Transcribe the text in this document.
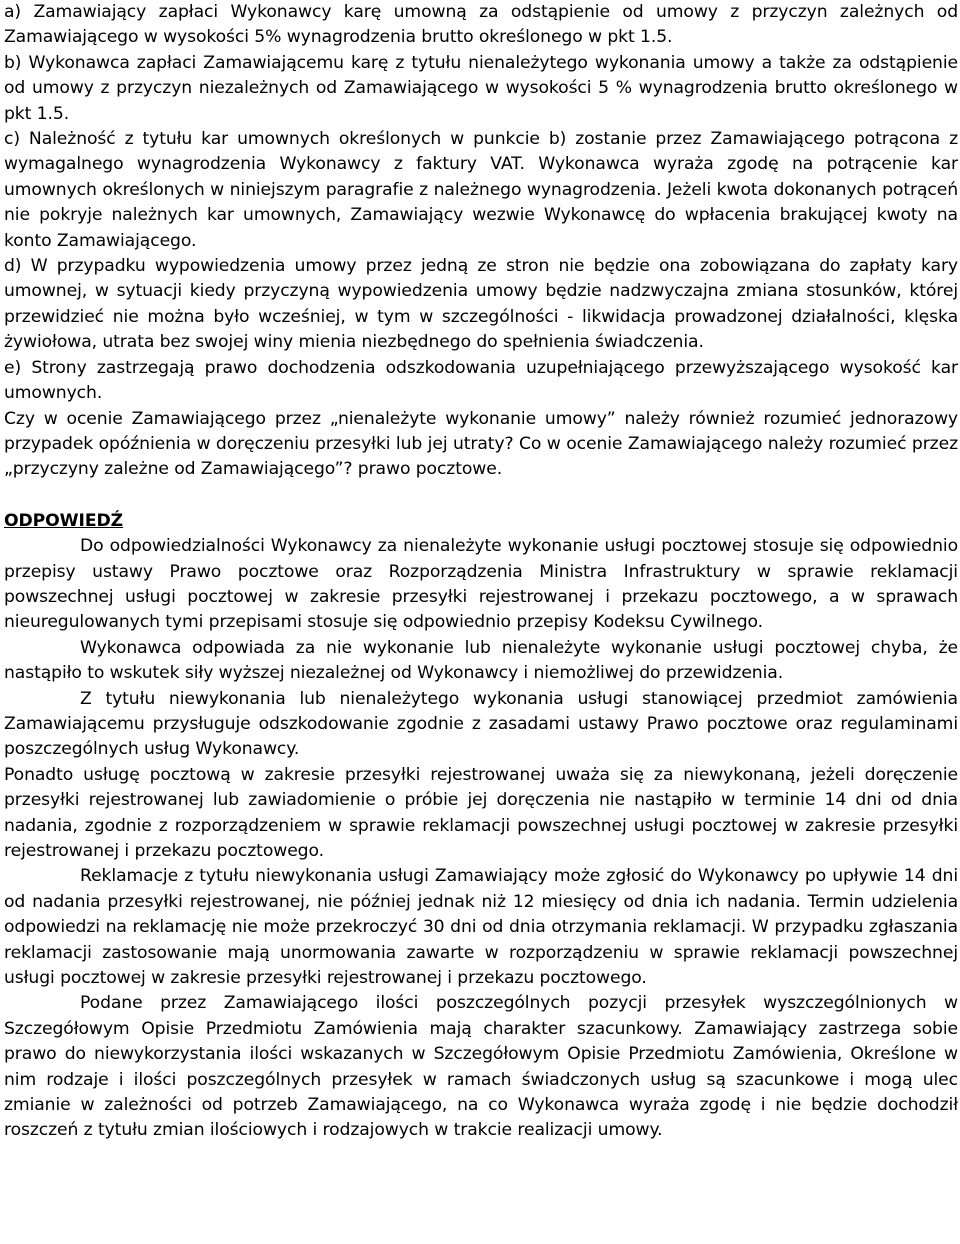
a) Zamawiający zapłaci Wykonawcy karę umowną za odstąpienie od umowy z przyczyn zależnych od Zamawiającego w wysokości 5% wynagrodzenia brutto określonego w pkt 1.5.

b) Wykonawca zapłaci Zamawiającemu karę z tytułu nienależytego wykonania umowy a także za odstąpienie od umowy z przyczyn niezależnych od Zamawiającego w wysokości 5 % wynagrodzenia brutto określonego w pkt 1.5.

c) Należność z tytułu kar umownych określonych w punkcie b) zostanie przez Zamawiającego potrącona z wymagalnego wynagrodzenia Wykonawcy z faktury VAT. Wykonawca wyraża zgodę na potrącenie kar umownych określonych w niniejszym paragrafie z należnego wynagrodzenia. Jeżeli kwota dokonanych potrąceń nie pokryje należnych kar umownych, Zamawiający wezwie Wykonawcę do wpłacenia brakującej kwoty na konto Zamawiającego.

d) W przypadku wypowiedzenia umowy przez jedną ze stron nie będzie ona zobowiązana do zapłaty kary umownej, w sytuacji kiedy przyczyną wypowiedzenia umowy będzie nadzwyczajna zmiana stosunków, której przewidzieć nie można było wcześniej, w tym w szczególności - likwidacja prowadzonej działalności, klęska żywiołowa, utrata bez swojej winy mienia niezbędnego do spełnienia świadczenia.

e) Strony zastrzegają prawo dochodzenia odszkodowania uzupełniającego przewyższającego wysokość kar umownych.

Czy w ocenie Zamawiającego przez „nienależyte wykonanie umowy” należy również rozumieć jednorazowy przypadek opóźnienia w doręczeniu przesyłki lub jej utraty? Co w ocenie Zamawiającego należy rozumieć przez „przyczyny zależne od Zamawiającego”? prawo pocztowe.

ODPOWIEDŹ

Do odpowiedzialności Wykonawcy za nienależyte wykonanie usługi pocztowej stosuje się odpowiednio przepisy ustawy Prawo pocztowe oraz Rozporządzenia Ministra Infrastruktury w sprawie reklamacji powszechnej usługi pocztowej w zakresie przesyłki rejestrowanej i przekazu pocztowego, a w sprawach nieuregulowanych tymi przepisami stosuje się odpowiednio przepisy Kodeksu Cywilnego.

Wykonawca odpowiada za nie wykonanie lub nienależyte wykonanie usługi pocztowej chyba, że nastąpiło to wskutek siły wyższej niezależnej od Wykonawcy i niemożliwej do przewidzenia.

Z tytułu niewykonania lub nienależytego wykonania usługi stanowiącej przedmiot zamówienia Zamawiającemu przysługuje odszkodowanie zgodnie z zasadami ustawy Prawo pocztowe oraz regulaminami poszczególnych usług Wykonawcy.

Ponadto usługę pocztową w zakresie przesyłki rejestrowanej uważa się za niewykonaną, jeżeli doręczenie przesyłki rejestrowanej lub zawiadomienie o próbie jej doręczenia nie nastąpiło w terminie 14 dni od dnia nadania, zgodnie z rozporządzeniem w sprawie reklamacji powszechnej usługi pocztowej w zakresie przesyłki rejestrowanej i przekazu pocztowego.

Reklamacje z tytułu niewykonania usługi Zamawiający może zgłosić do Wykonawcy po upływie 14 dni od nadania przesyłki rejestrowanej, nie później jednak niż 12 miesięcy od dnia ich nadania. Termin udzielenia odpowiedzi na reklamację nie może przekroczyć 30 dni od dnia otrzymania reklamacji. W przypadku zgłaszania reklamacji zastosowanie mają unormowania zawarte w rozporządzeniu w sprawie reklamacji powszechnej usługi pocztowej w zakresie przesyłki rejestrowanej i przekazu pocztowego.

Podane przez Zamawiającego ilości poszczególnych pozycji przesyłek wyszczególnionych w Szczegółowym Opisie Przedmiotu Zamówienia mają charakter szacunkowy. Zamawiający zastrzega sobie prawo do niewykorzystania ilości wskazanych w Szczegółowym Opisie Przedmiotu Zamówienia, Określone w nim rodzaje i ilości poszczególnych przesyłek w ramach świadczonych usług są szacunkowe i mogą ulec zmianie w zależności od potrzeb Zamawiającego, na co Wykonawca wyraża zgodę i nie będzie dochodził roszczeń z tytułu zmian ilościowych i rodzajowych w trakcie realizacji umowy.
